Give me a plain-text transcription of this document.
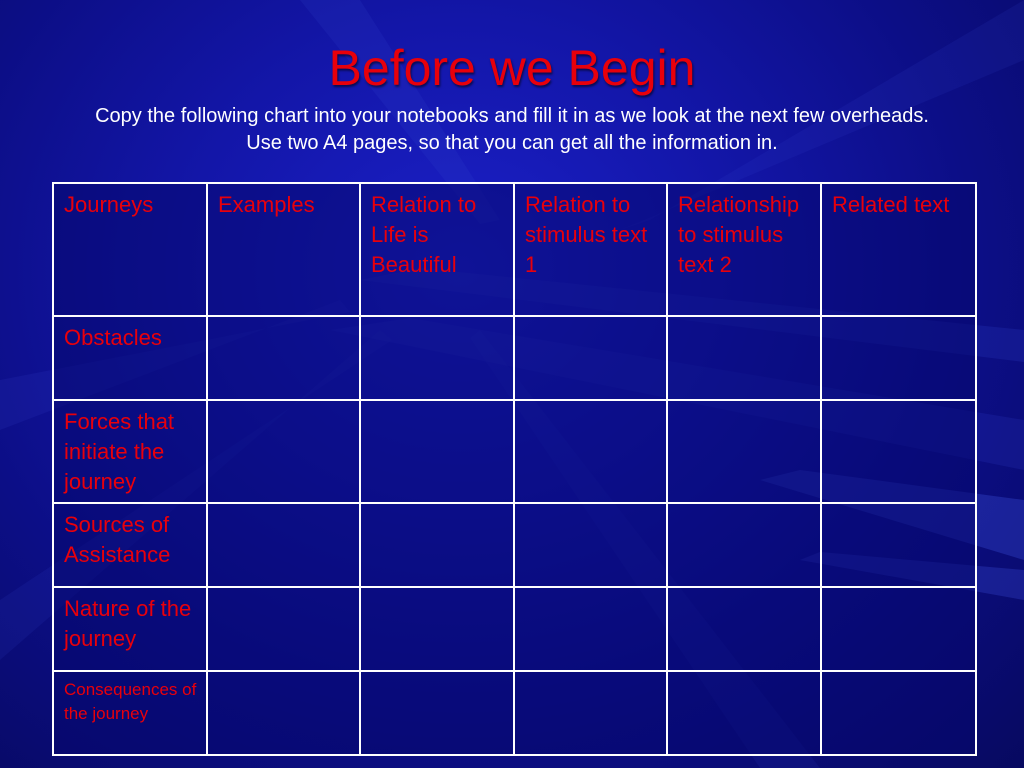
Before we Begin

Copy the following chart into your notebooks and fill it in as we look at the next few overheads. Use two A4 pages, so that you can get all the information in.

Journeys	Examples	Relation to Life is Beautiful	Relation to stimulus text 1	Relationship to stimulus text 2	Related text
Obstacles					
Forces that initiate the journey					
Sources of Assistance					
Nature of the journey					
Consequences of the journey					
